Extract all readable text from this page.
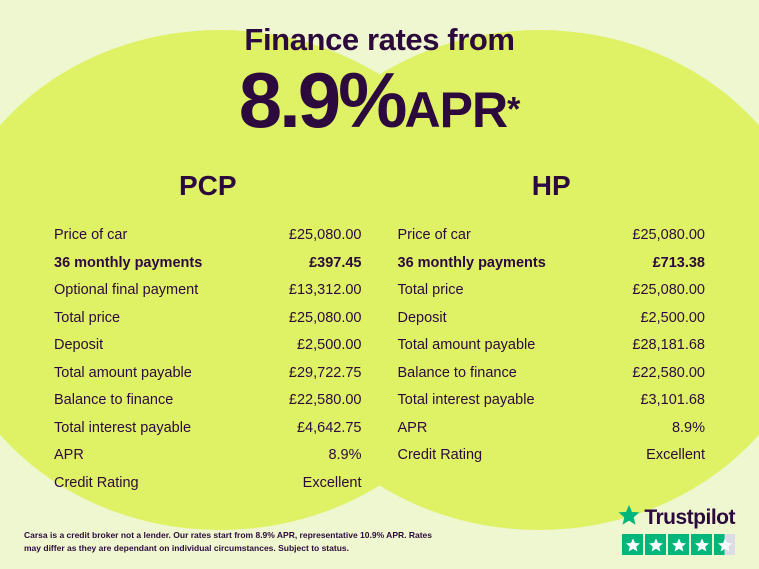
Finance rates from
8.9%APR*
PCP
Price of car	£25,080.00
36 monthly payments	£397.45
Optional final payment	£13,312.00
Total price	£25,080.00
Deposit	£2,500.00
Total amount payable	£29,722.75
Balance to finance	£22,580.00
Total interest payable	£4,642.75
APR	8.9%
Credit Rating	Excellent
HP
Price of car	£25,080.00
36 monthly payments	£713.38
Total price	£25,080.00
Deposit	£2,500.00
Total amount payable	£28,181.68
Balance to finance	£22,580.00
Total interest payable	£3,101.68
APR	8.9%
Credit Rating	Excellent
Carsa is a credit broker not a lender. Our rates start from 8.9% APR, representative 10.9% APR. Rates may differ as they are dependant on individual circumstances. Subject to status.
Trustpilot
